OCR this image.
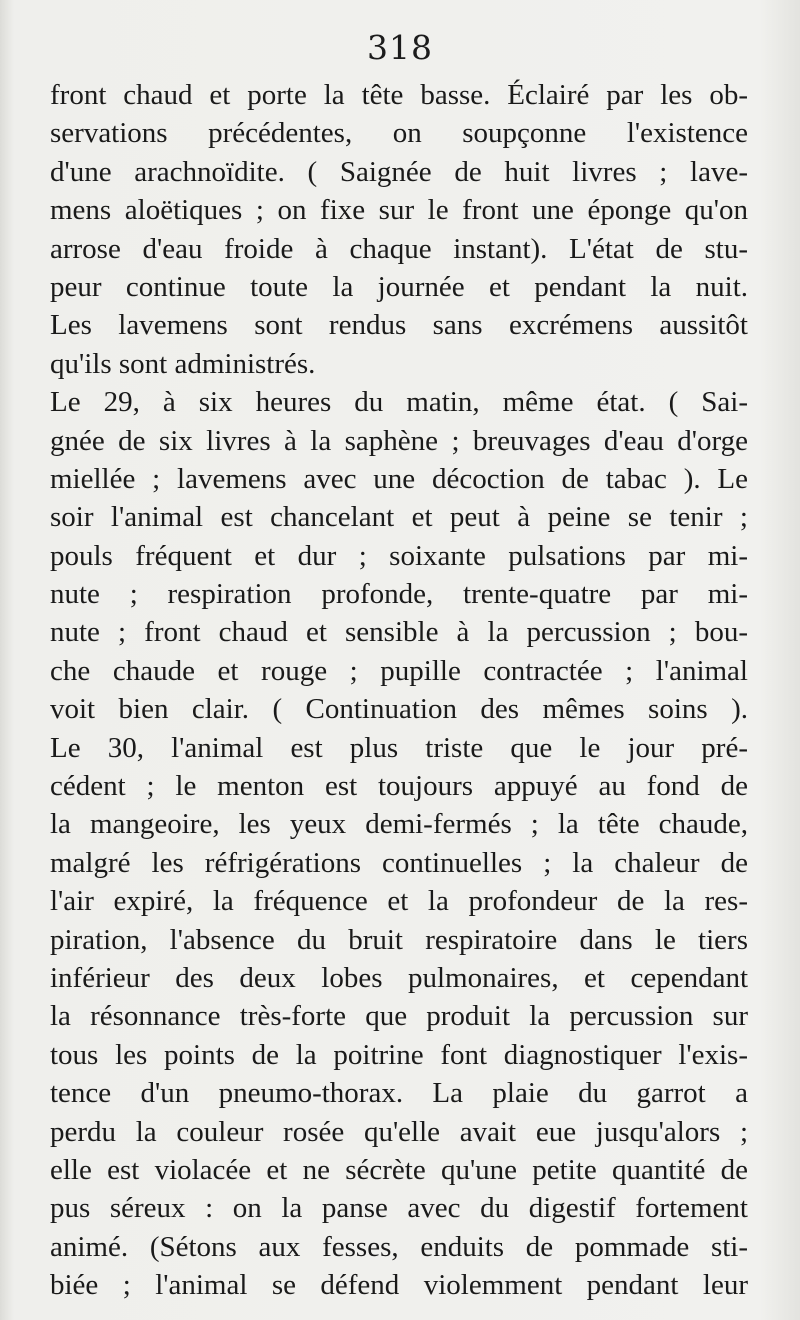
318
front chaud et porte la tête basse. Éclairé par les ob-
servations précédentes, on soupçonne l'existence
d'une arachnoïdite. ( Saignée de huit livres ; lave-
mens aloëtiques ; on fixe sur le front une éponge qu'on
arrose d'eau froide à chaque instant). L'état de stu-
peur continue toute la journée et pendant la nuit.
Les lavemens sont rendus sans excrémens aussitôt
qu'ils sont administrés.
Le 29, à six heures du matin, même état. ( Sai-
gnée de six livres à la saphène ; breuvages d'eau d'orge
miellée ; lavemens avec une décoction de tabac ). Le
soir l'animal est chancelant et peut à peine se tenir ;
pouls fréquent et dur ; soixante pulsations par mi-
nute ; respiration profonde, trente-quatre par mi-
nute ; front chaud et sensible à la percussion ; bou-
che chaude et rouge ; pupille contractée ; l'animal
voit bien clair. ( Continuation des mêmes soins ).
Le 30, l'animal est plus triste que le jour pré-
cédent ; le menton est toujours appuyé au fond de
la mangeoire, les yeux demi-fermés ; la tête chaude,
malgré les réfrigérations continuelles ; la chaleur de
l'air expiré, la fréquence et la profondeur de la res-
piration, l'absence du bruit respiratoire dans le tiers
inférieur des deux lobes pulmonaires, et cependant
la résonnance très-forte que produit la percussion sur
tous les points de la poitrine font diagnostiquer l'exis-
tence d'un pneumo-thorax. La plaie du garrot a
perdu la couleur rosée qu'elle avait eue jusqu'alors ;
elle est violacée et ne sécrète qu'une petite quantité de
pus séreux : on la panse avec du digestif fortement
animé. (Sétons aux fesses, enduits de pommade sti-
biée ; l'animal se défend violemment pendant leur
